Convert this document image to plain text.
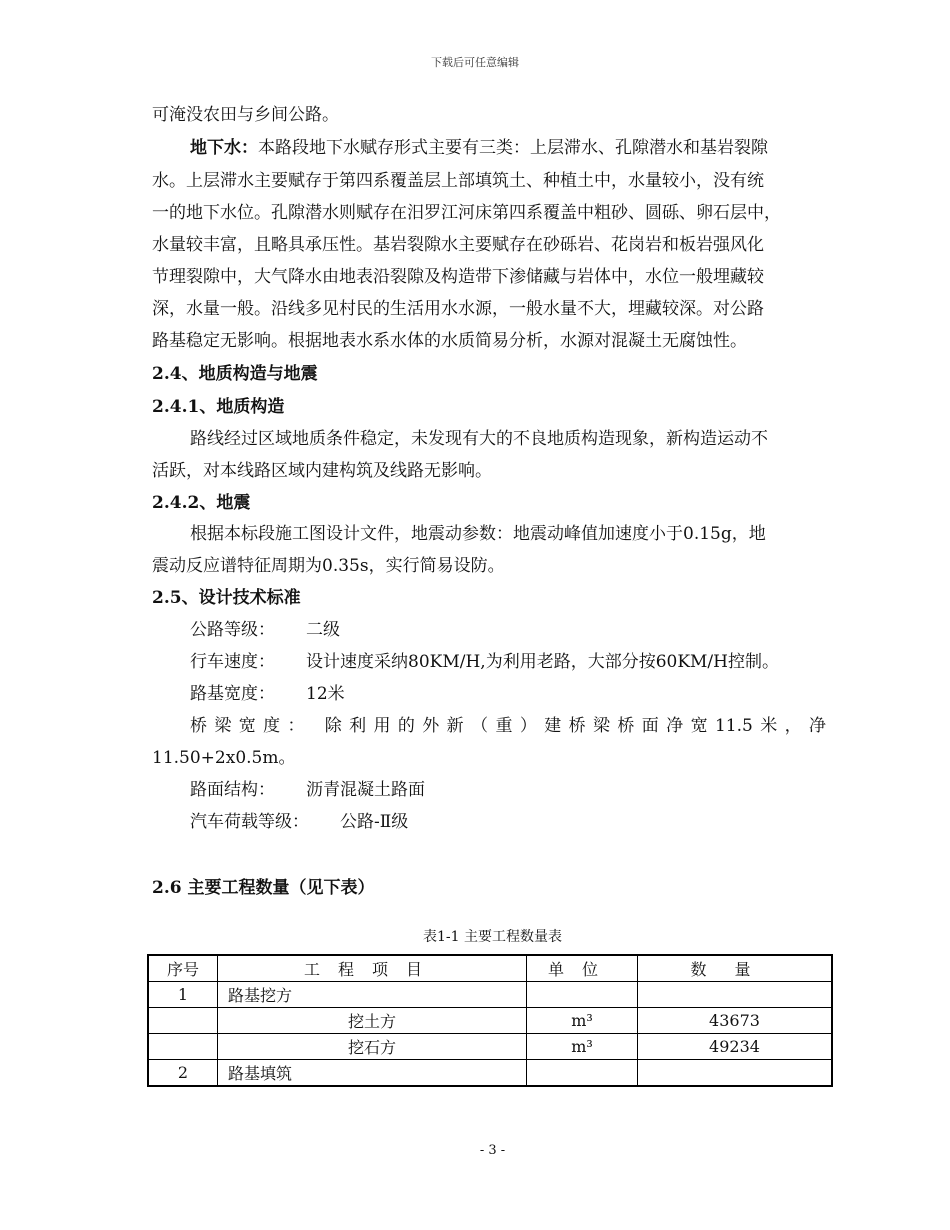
下载后可任意编辑
可淹没农田与乡间公路。
地下水：本路段地下水赋存形式主要有三类：上层滞水、孔隙潜水和基岩裂隙
水。上层滞水主要赋存于第四系覆盖层上部填筑土、种植土中，水量较小，没有统
一的地下水位。孔隙潜水则赋存在汨罗江河床第四系覆盖中粗砂、圆砾、卵石层中，
水量较丰富，且略具承压性。基岩裂隙水主要赋存在砂砾岩、花岗岩和板岩强风化
节理裂隙中，大气降水由地表沿裂隙及构造带下渗储藏与岩体中，水位一般埋藏较
深，水量一般。沿线多见村民的生活用水水源，一般水量不大，埋藏较深。对公路
路基稳定无影响。根据地表水系水体的水质简易分析，水源对混凝土无腐蚀性。
2.4、地质构造与地震
2.4.1、地质构造
路线经过区域地质条件稳定，未发现有大的不良地质构造现象，新构造运动不
活跃，对本线路区域内建构筑及线路无影响。
2.4.2、地震
根据本标段施工图设计文件，地震动参数：地震动峰值加速度小于0.15g，地
震动反应谱特征周期为0.35s，实行简易设防。
2.5、设计技术标准
公路等级： 二级
行车速度： 设计速度采纳80KM/H,为利用老路，大部分按60KM/H控制。
路基宽度： 12米
桥梁宽度： 除利用的外新（重）建桥梁桥面净宽11.5米，净
11.50+2x0.5m。
路面结构： 沥青混凝土路面
汽车荷载等级： 公路-Ⅱ级
2.6 主要工程数量（见下表）
表1-1 主要工程数量表
序号	工程项目	单位	数量
1	路基挖方		
	挖土方	m³	43673
	挖石方	m³	49234
2	路基填筑		
- 3 -
